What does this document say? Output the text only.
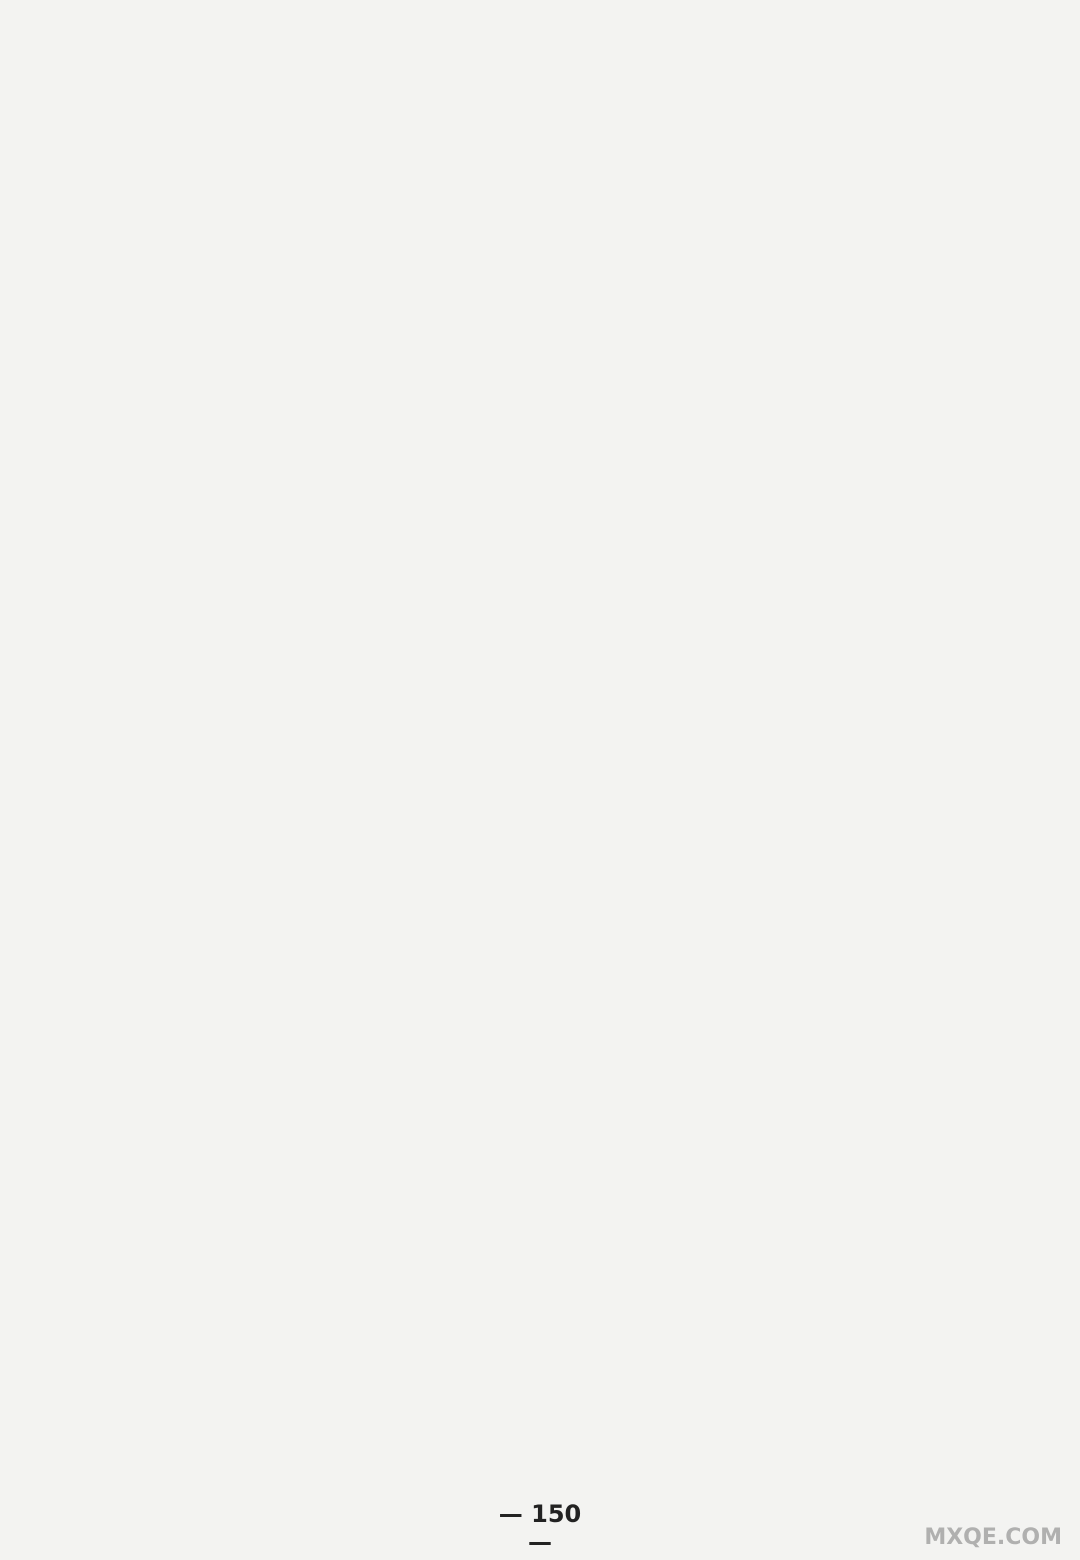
— 150 —	MXQE.COM
